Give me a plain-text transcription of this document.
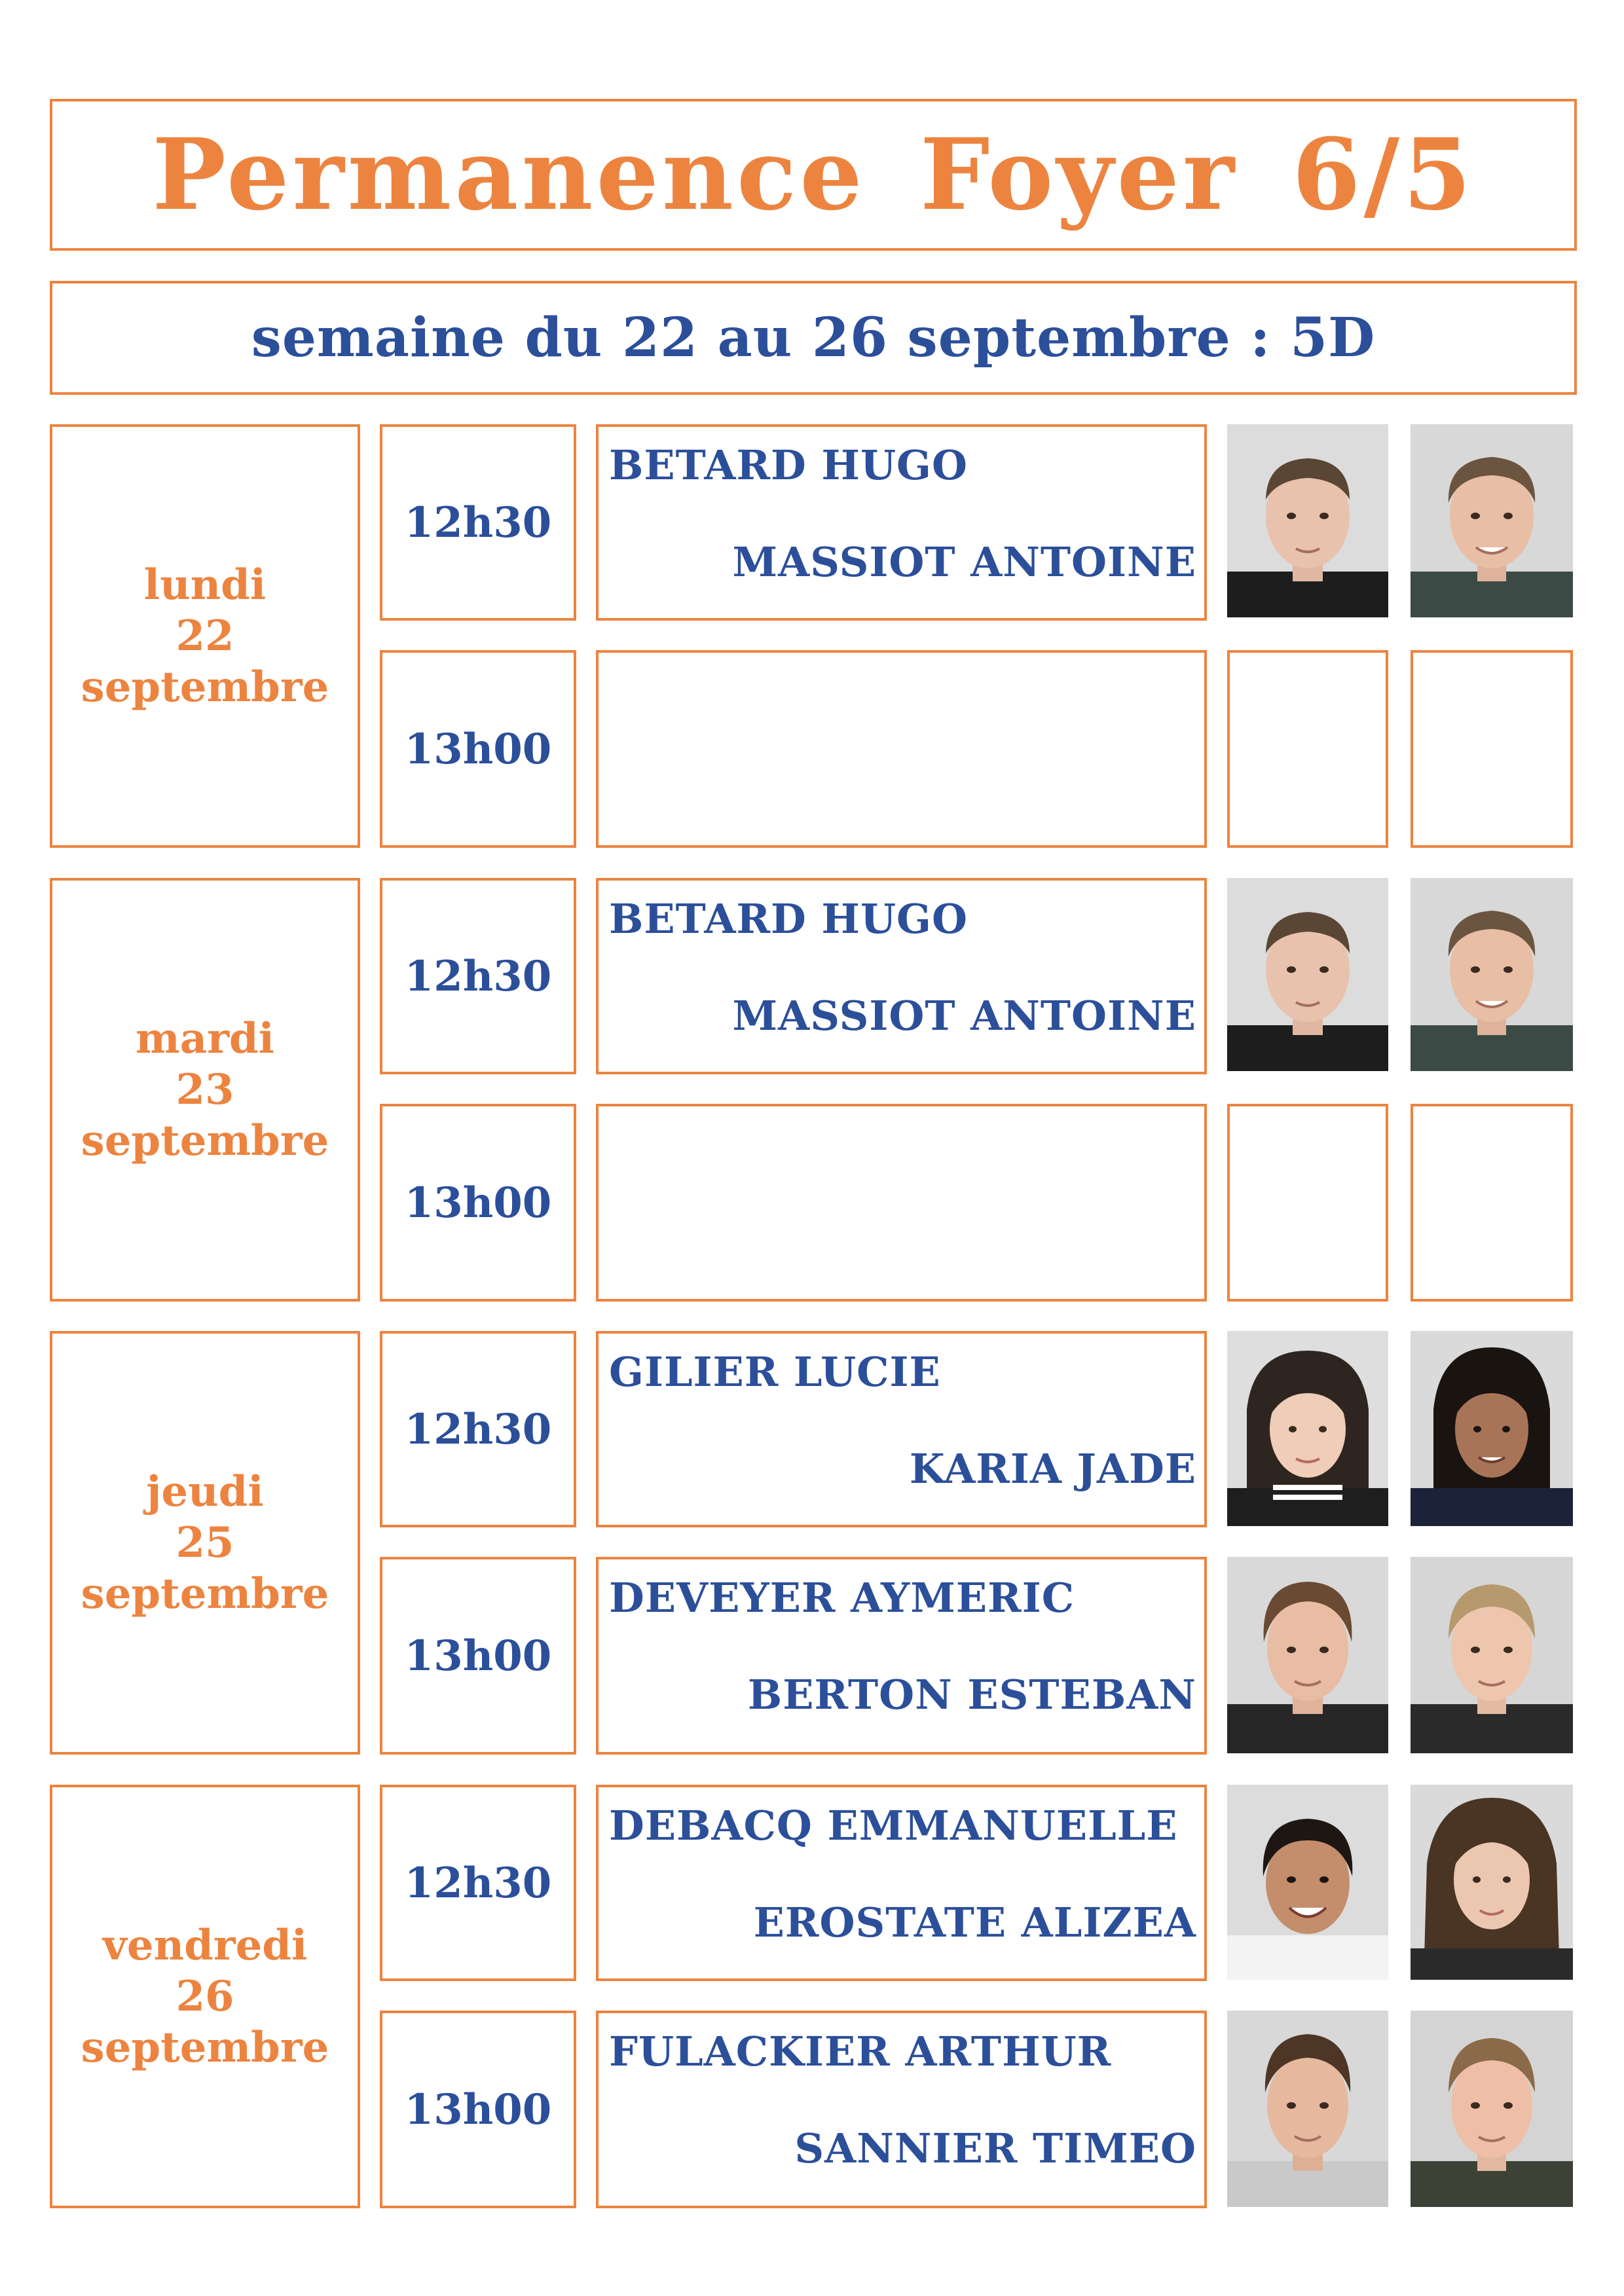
Permanence Foyer 6/5
semaine du 22 au 26 septembre : 5D
lundi
22
septembre
12h30
BETARD HUGO
MASSIOT ANTOINE
13h00
mardi
23
septembre
12h30
BETARD HUGO
MASSIOT ANTOINE
13h00
jeudi
25
septembre
12h30
GILIER LUCIE
KARIA JADE
13h00
DEVEYER AYMERIC
BERTON ESTEBAN
vendredi
26
septembre
12h30
DEBACQ EMMANUELLE
EROSTATE ALIZEA
13h00
FULACKIER ARTHUR
SANNIER TIMEO
